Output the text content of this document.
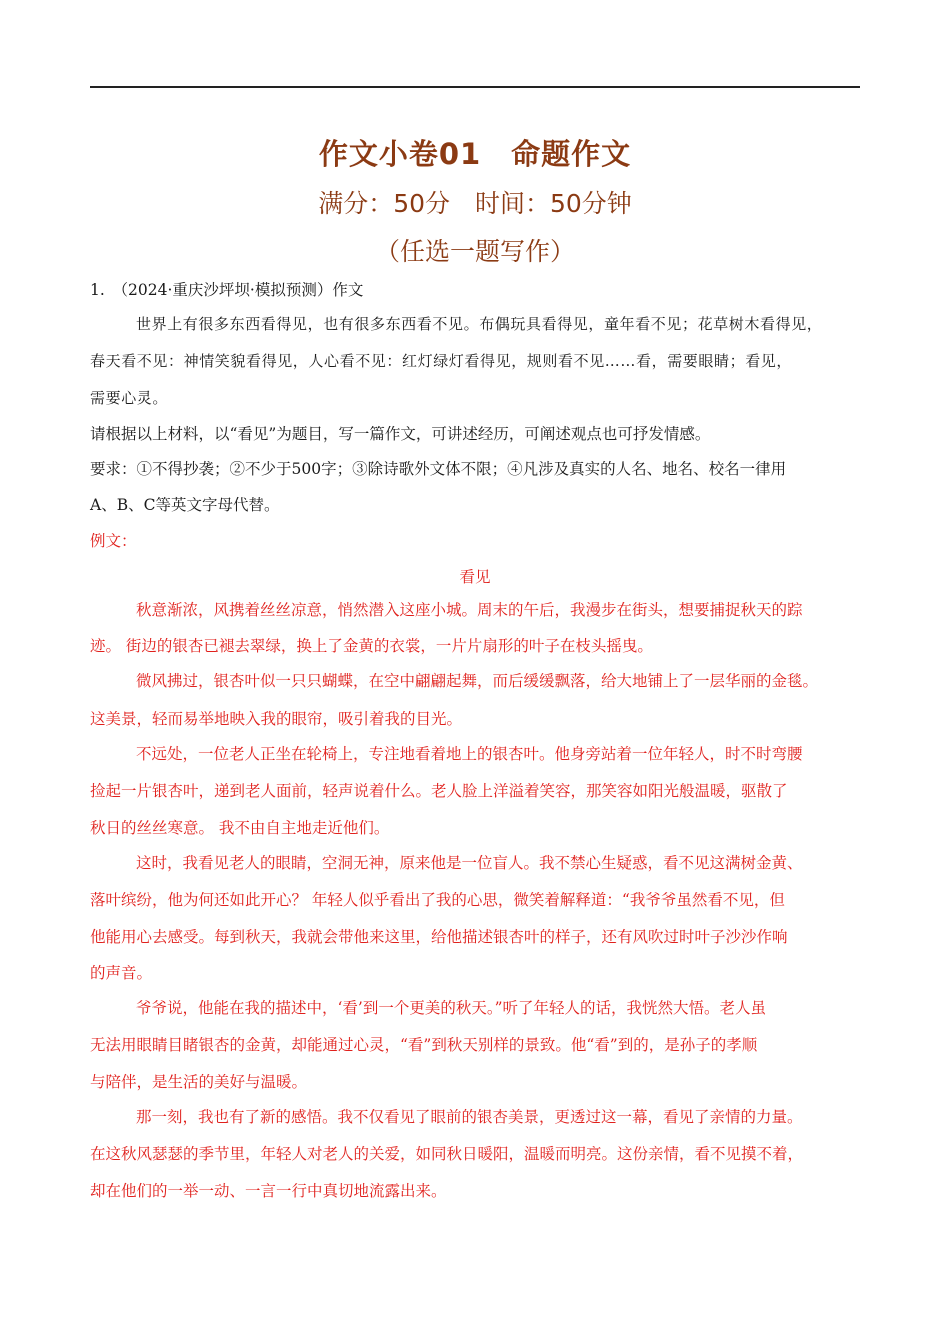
作文小卷01　命题作文
满分：50分　时间：50分钟
（任选一题写作）
1.　（2024·重庆沙坪坝·模拟预测）作文
世界上有很多东西看得见，也有很多东西看不见。布偶玩具看得见，童年看不见；花草树木看得见，
春天看不见：神情笑貌看得见，人心看不见：红灯绿灯看得见，规则看不见……看，需要眼睛；看见，
需要心灵。
请根据以上材料，以“看见”为题目，写一篇作文，可讲述经历，可阐述观点也可抒发情感。
要求：①不得抄袭；②不少于500字；③除诗歌外文体不限；④凡涉及真实的人名、地名、校名一律用
A、B、C等英文字母代替。
例文：
看见
秋意渐浓，风携着丝丝凉意，悄然潜入这座小城。周末的午后，我漫步在街头，想要捕捉秋天的踪
迹。 街边的银杏已褪去翠绿，换上了金黄的衣裳，一片片扇形的叶子在枝头摇曳。
微风拂过，银杏叶似一只只蝴蝶，在空中翩翩起舞，而后缓缓飘落，给大地铺上了一层华丽的金毯。
这美景，轻而易举地映入我的眼帘，吸引着我的目光。
不远处，一位老人正坐在轮椅上，专注地看着地上的银杏叶。他身旁站着一位年轻人，时不时弯腰
捡起一片银杏叶，递到老人面前，轻声说着什么。老人脸上洋溢着笑容，那笑容如阳光般温暖，驱散了
秋日的丝丝寒意。 我不由自主地走近他们。
这时，我看见老人的眼睛，空洞无神，原来他是一位盲人。我不禁心生疑惑，看不见这满树金黄、
落叶缤纷，他为何还如此开心？ 年轻人似乎看出了我的心思，微笑着解释道：“我爷爷虽然看不见，但
他能用心去感受。每到秋天，我就会带他来这里，给他描述银杏叶的样子，还有风吹过时叶子沙沙作响
的声音。
爷爷说，他能在我的描述中，‘看’到一个更美的秋天。”听了年轻人的话，我恍然大悟。老人虽
无法用眼睛目睹银杏的金黄，却能通过心灵，“看”到秋天别样的景致。他“看”到的，是孙子的孝顺
与陪伴，是生活的美好与温暖。
那一刻，我也有了新的感悟。我不仅看见了眼前的银杏美景，更透过这一幕，看见了亲情的力量。
在这秋风瑟瑟的季节里，年轻人对老人的关爱，如同秋日暖阳，温暖而明亮。这份亲情，看不见摸不着，
却在他们的一举一动、一言一行中真切地流露出来。
